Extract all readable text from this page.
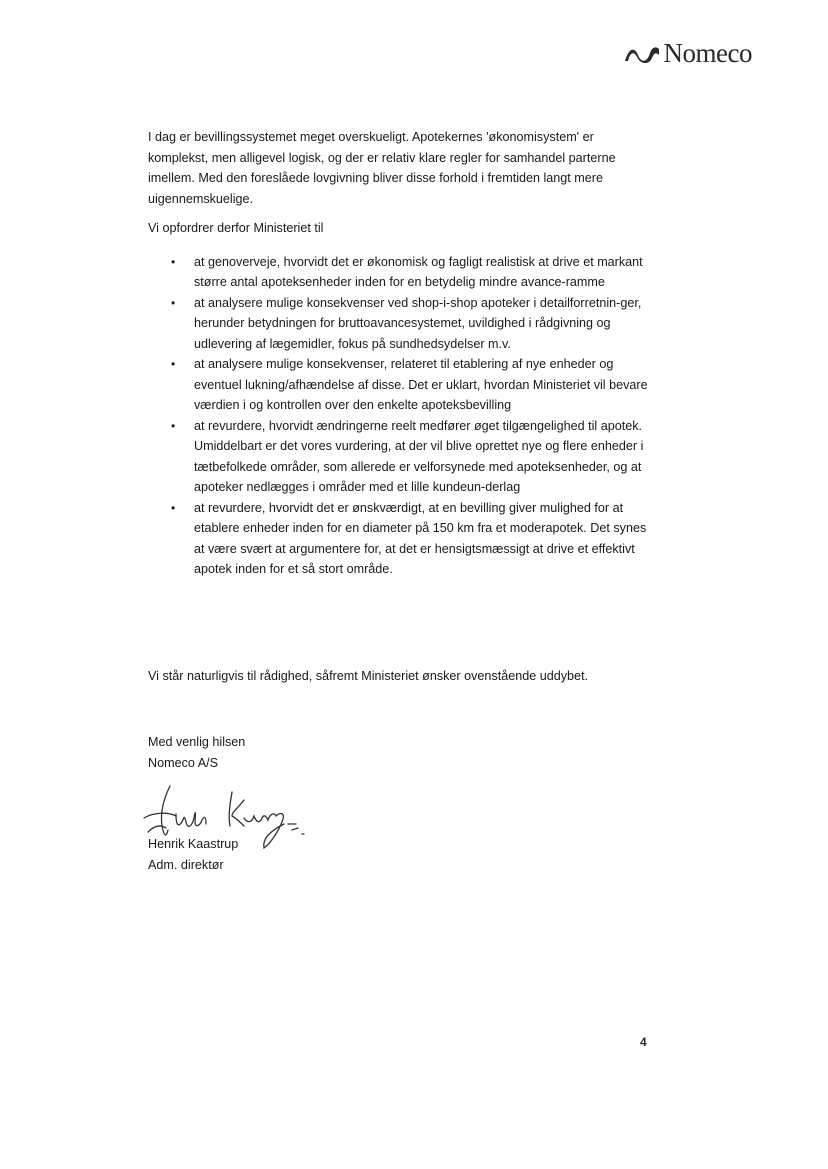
Nomeco

I dag er bevillingssystemet meget overskueligt. Apotekernes 'økonomisystem' er komplekst, men alligevel logisk, og der er relativ klare regler for samhandel parterne imellem. Med den foreslåede lovgivning bliver disse forhold i fremtiden langt mere uigennemskuelige.

Vi opfordrer derfor Ministeriet til

• at genoverveje, hvorvidt det er økonomisk og fagligt realistisk at drive et markant større antal apoteksenheder inden for en betydelig mindre avance-ramme
• at analysere mulige konsekvenser ved shop-i-shop apoteker i detailforretnin-ger, herunder betydningen for bruttoavancesystemet, uvildighed i rådgivning og udlevering af lægemidler, fokus på sundhedsydelser m.v.
• at analysere mulige konsekvenser, relateret til etablering af nye enheder og eventuel lukning/afhændelse af disse. Det er uklart, hvordan Ministeriet vil bevare værdien i og kontrollen over den enkelte apoteksbevilling
• at revurdere, hvorvidt ændringerne reelt medfører øget tilgængelighed til apotek. Umiddelbart er det vores vurdering, at der vil blive oprettet nye og flere enheder i tætbefolkede områder, som allerede er velforsynede med apoteksenheder, og at apoteker nedlægges i områder med et lille kundeun-derlag
• at revurdere, hvorvidt det er ønskværdigt, at en bevilling giver mulighed for at etablere enheder inden for en diameter på 150 km fra et moderapotek. Det synes at være svært at argumentere for, at det er hensigtsmæssigt at drive et effektivt apotek inden for et så stort område.

Vi står naturligvis til rådighed, såfremt Ministeriet ønsker ovenstående uddybet.

Med venlig hilsen
Nomeco A/S
Henrik Kaastrup
Adm. direktør
4
